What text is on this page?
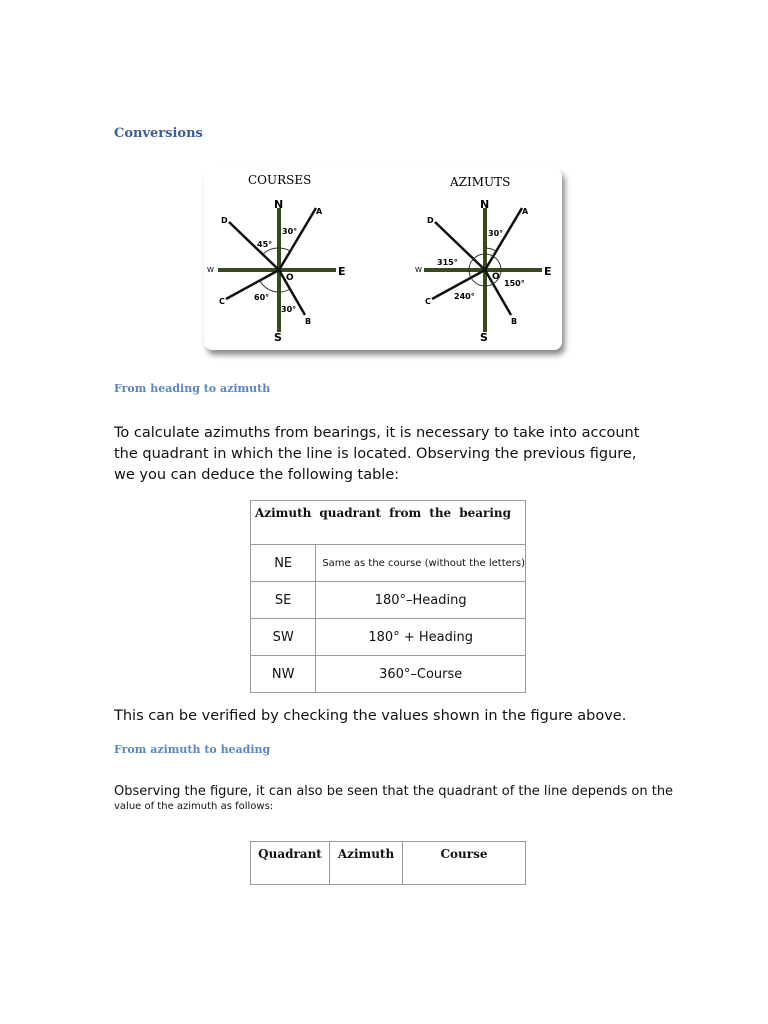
Conversions
COURSES
N
S
E
W
O
A
B
C
D
30°
45°
60°
30°
AZIMUTS
N
S
E
W
O
A
B
C
D
30°
315°
240°
150°
From heading to azimuth
To calculate azimuths from bearings, it is necessary to take into account the quadrant in which the line is located. Observing the previous figure, we you can deduce the following table:
Azimuth quadrant from the bearing	
NE	Same as the course (without the letters)
SE	180°–Heading
SW	180° + Heading
NW	360°–Course
This can be verified by checking the values shown in the figure above.
From azimuth to heading
Observing the figure, it can also be seen that the quadrant of the line depends on the
value of the azimuth as follows:
Quadrant	Azimuth	Course
